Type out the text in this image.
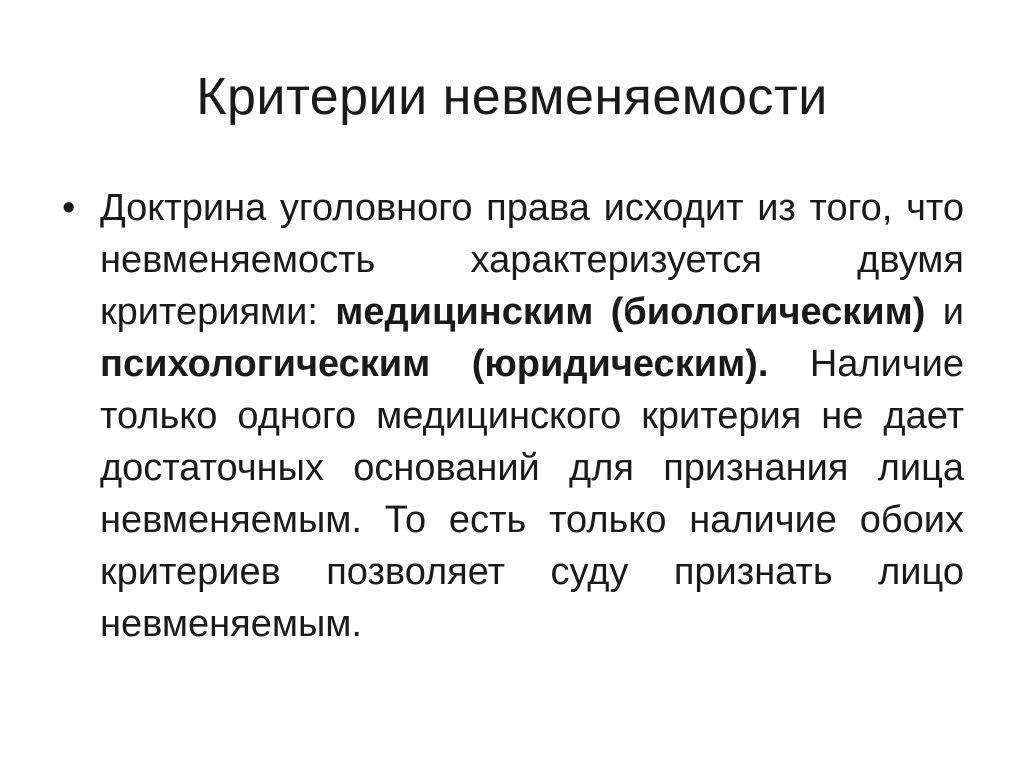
Критерии невменяемости
• Доктрина уголовного права исходит из того, что невменяемость характеризуется двумя критериями: медицинским (биологическим) и психологическим (юридическим). Наличие только одного медицинского критерия не дает достаточных оснований для признания лица невменяемым. То есть только наличие обоих критериев позволяет суду признать лицо невменяемым.
